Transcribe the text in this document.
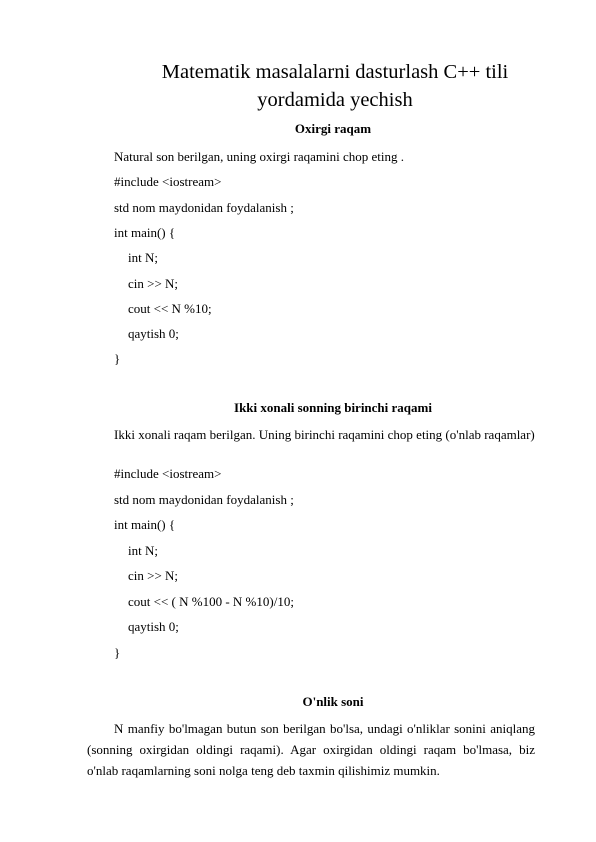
Matematik masalalarni dasturlash C++ tili
yordamida yechish
Oxirgi raqam
Natural son berilgan, uning oxirgi raqamini chop eting .
#include <iostream>
std nom maydonidan foydalanish ;
int main() {
int N;
cin >> N;
cout << N %10;
qaytish 0;
}
Ikki xonali sonning birinchi raqami
Ikki xonali raqam berilgan. Uning birinchi raqamini chop eting (o'nlab raqamlar)
#include <iostream>
std nom maydonidan foydalanish ;
int main() {
int N;
cin >> N;
cout << ( N %100 - N %10)/10;
qaytish 0;
}
O'nlik soni
N manfiy bo'lmagan butun son berilgan bo'lsa, undagi o'nliklar sonini aniqlang (sonning oxirgidan oldingi raqami). Agar oxirgidan oldingi raqam bo'lmasa, biz o'nlab raqamlarning soni nolga teng deb taxmin qilishimiz mumkin.
